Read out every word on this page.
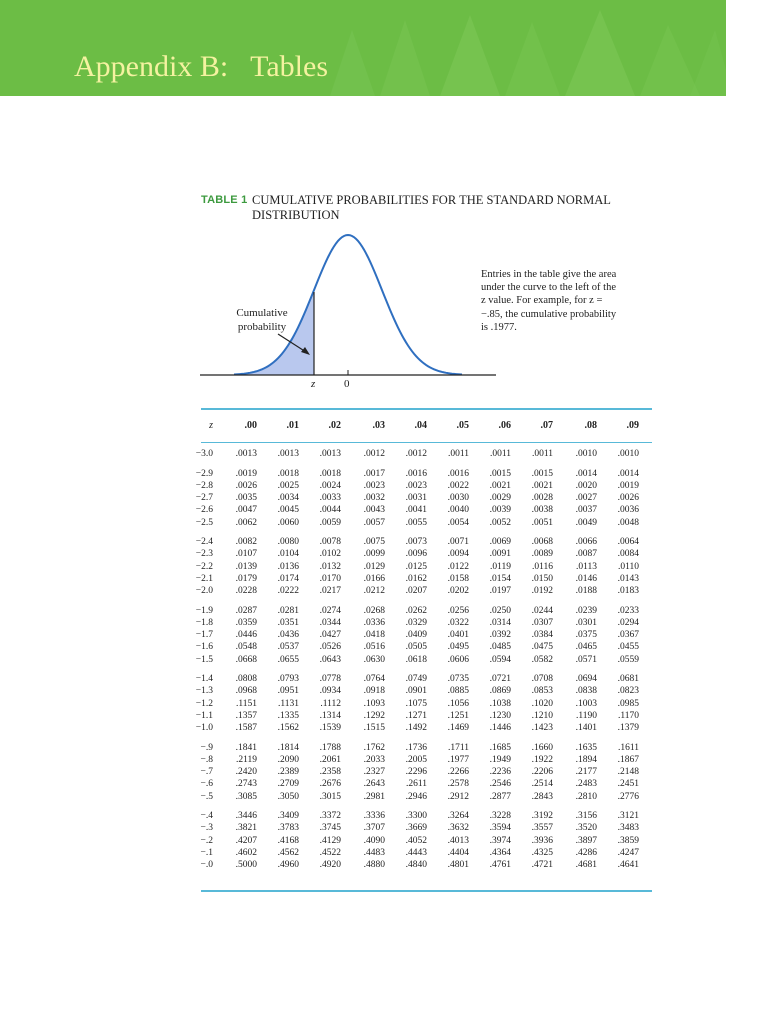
Appendix B:   Tables
TABLE 1 CUMULATIVE PROBABILITIES FOR THE STANDARD NORMAL DISTRIBUTION
Cumulative probability
z	0
Entries in the table give the area under the curve to the left of the z value. For example, for z = −.85, the cumulative probability is .1977.
z	.00	.01	.02	.03	.04	.05	.06	.07	.08	.09
−3.0 .0013 .0013 .0013 .0012 .0012 .0011 .0011 .0011 .0010 .0010
−2.9 .0019 .0018 .0018 .0017 .0016 .0016 .0015 .0015 .0014 .0014
−2.8 .0026 .0025 .0024 .0023 .0023 .0022 .0021 .0021 .0020 .0019
−2.7 .0035 .0034 .0033 .0032 .0031 .0030 .0029 .0028 .0027 .0026
−2.6 .0047 .0045 .0044 .0043 .0041 .0040 .0039 .0038 .0037 .0036
−2.5 .0062 .0060 .0059 .0057 .0055 .0054 .0052 .0051 .0049 .0048
−2.4 .0082 .0080 .0078 .0075 .0073 .0071 .0069 .0068 .0066 .0064
−2.3 .0107 .0104 .0102 .0099 .0096 .0094 .0091 .0089 .0087 .0084
−2.2 .0139 .0136 .0132 .0129 .0125 .0122 .0119 .0116 .0113 .0110
−2.1 .0179 .0174 .0170 .0166 .0162 .0158 .0154 .0150 .0146 .0143
−2.0 .0228 .0222 .0217 .0212 .0207 .0202 .0197 .0192 .0188 .0183
−1.9 .0287 .0281 .0274 .0268 .0262 .0256 .0250 .0244 .0239 .0233
−1.8 .0359 .0351 .0344 .0336 .0329 .0322 .0314 .0307 .0301 .0294
−1.7 .0446 .0436 .0427 .0418 .0409 .0401 .0392 .0384 .0375 .0367
−1.6 .0548 .0537 .0526 .0516 .0505 .0495 .0485 .0475 .0465 .0455
−1.5 .0668 .0655 .0643 .0630 .0618 .0606 .0594 .0582 .0571 .0559
−1.4 .0808 .0793 .0778 .0764 .0749 .0735 .0721 .0708 .0694 .0681
−1.3 .0968 .0951 .0934 .0918 .0901 .0885 .0869 .0853 .0838 .0823
−1.2 .1151 .1131 .1112 .1093 .1075 .1056 .1038 .1020 .1003 .0985
−1.1 .1357 .1335 .1314 .1292 .1271 .1251 .1230 .1210 .1190 .1170
−1.0 .1587 .1562 .1539 .1515 .1492 .1469 .1446 .1423 .1401 .1379
−.9 .1841 .1814 .1788 .1762 .1736 .1711 .1685 .1660 .1635 .1611
−.8 .2119 .2090 .2061 .2033 .2005 .1977 .1949 .1922 .1894 .1867
−.7 .2420 .2389 .2358 .2327 .2296 .2266 .2236 .2206 .2177 .2148
−.6 .2743 .2709 .2676 .2643 .2611 .2578 .2546 .2514 .2483 .2451
−.5 .3085 .3050 .3015 .2981 .2946 .2912 .2877 .2843 .2810 .2776
−.4 .3446 .3409 .3372 .3336 .3300 .3264 .3228 .3192 .3156 .3121
−.3 .3821 .3783 .3745 .3707 .3669 .3632 .3594 .3557 .3520 .3483
−.2 .4207 .4168 .4129 .4090 .4052 .4013 .3974 .3936 .3897 .3859
−.1 .4602 .4562 .4522 .4483 .4443 .4404 .4364 .4325 .4286 .4247
−.0 .5000 .4960 .4920 .4880 .4840 .4801 .4761 .4721 .4681 .4641
